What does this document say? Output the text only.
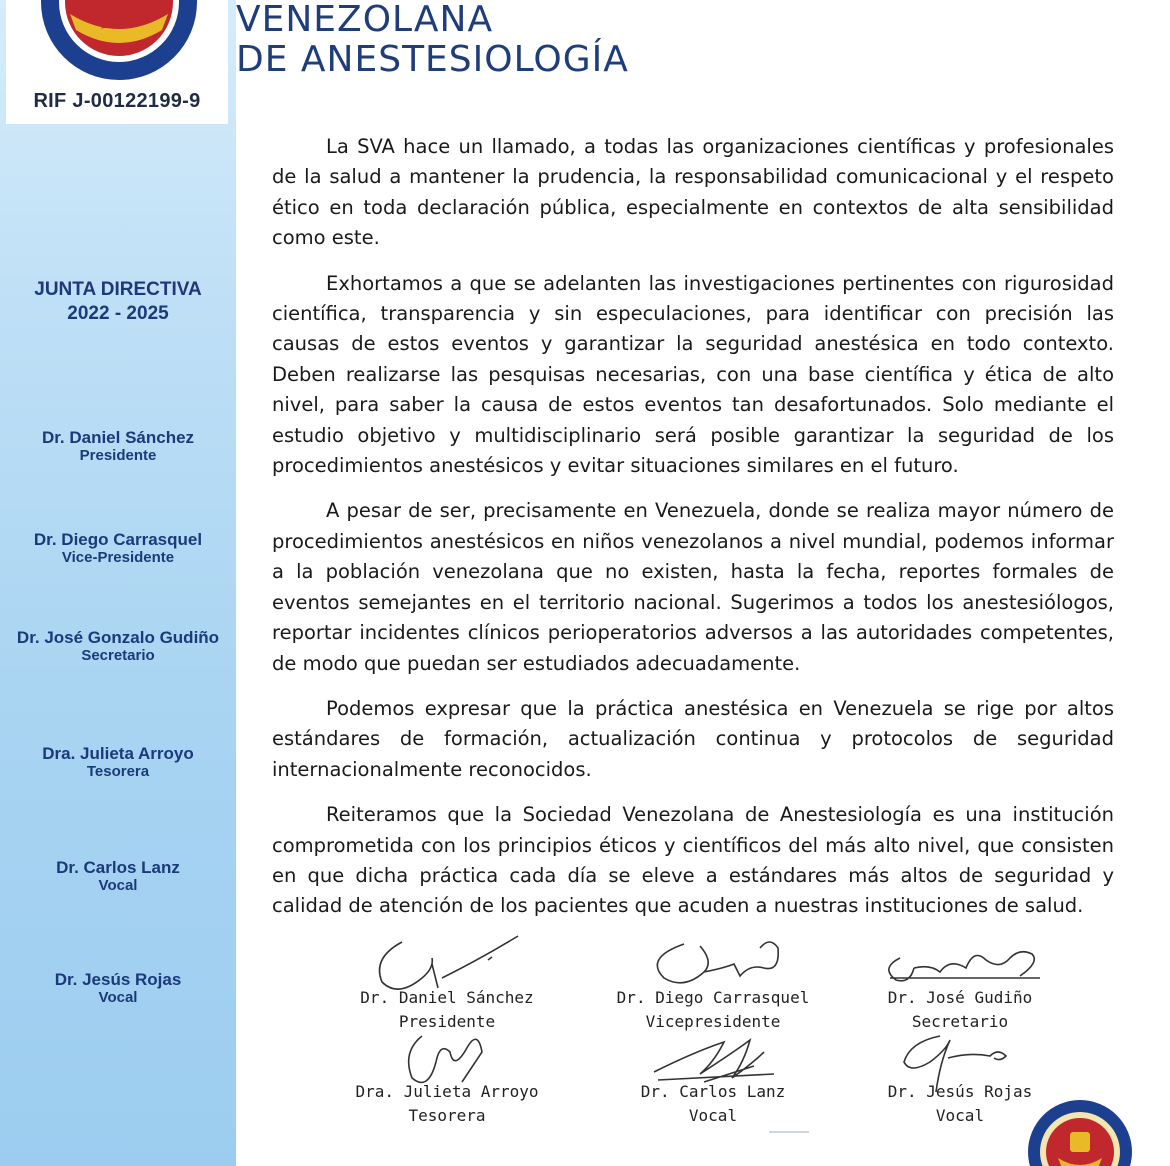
1956
RIF J-00122199-9
JUNTA DIRECTIVA
2022 - 2025
Dr. Daniel Sánchez
Presidente
Dr. Diego Carrasquel
Vice-Presidente
Dr. José Gonzalo Gudiño
Secretario
Dra. Julieta Arroyo
Tesorera
Dr. Carlos Lanz
Vocal
Dr. Jesús Rojas
Vocal
VENEZOLANA
DE ANESTESIOLOGÍA

La SVA hace un llamado, a todas las organizaciones científicas y profesionales de la salud a mantener la prudencia, la responsabilidad comunicacional y el respeto ético en toda declaración pública, especialmente en contextos de alta sensibilidad como este.

Exhortamos a que se adelanten las investigaciones pertinentes con rigurosidad científica, transparencia y sin especulaciones, para identificar con precisión las causas de estos eventos y garantizar la seguridad anestésica en todo contexto. Deben realizarse las pesquisas necesarias, con una base científica y ética de alto nivel, para saber la causa de estos eventos tan desafortunados. Solo mediante el estudio objetivo y multidisciplinario será posible garantizar la seguridad de los procedimientos anestésicos y evitar situaciones similares en el futuro.

A pesar de ser, precisamente en Venezuela, donde se realiza mayor número de procedimientos anestésicos en niños venezolanos a nivel mundial, podemos informar a la población venezolana que no existen, hasta la fecha, reportes formales de eventos semejantes en el territorio nacional. Sugerimos a todos los anestesiólogos, reportar incidentes clínicos perioperatorios adversos a las autoridades competentes, de modo que puedan ser estudiados adecuadamente.

Podemos expresar que la práctica anestésica en Venezuela se rige por altos estándares de formación, actualización continua y protocolos de seguridad internacionalmente reconocidos.

Reiteramos que la Sociedad Venezolana de Anestesiología es una institución comprometida con los principios éticos y científicos del más alto nivel, que consisten en que dicha práctica cada día se eleve a estándares más altos de seguridad y calidad de atención de los pacientes que acuden a nuestras instituciones de salud.

Dr. Daniel Sánchez
Presidente
Dr. Diego Carrasquel
Vicepresidente
Dr. José Gudiño
Secretario
Dra. Julieta Arroyo
Tesorera
Dr. Carlos Lanz
Vocal
Dr. Jesús Rojas
Vocal
